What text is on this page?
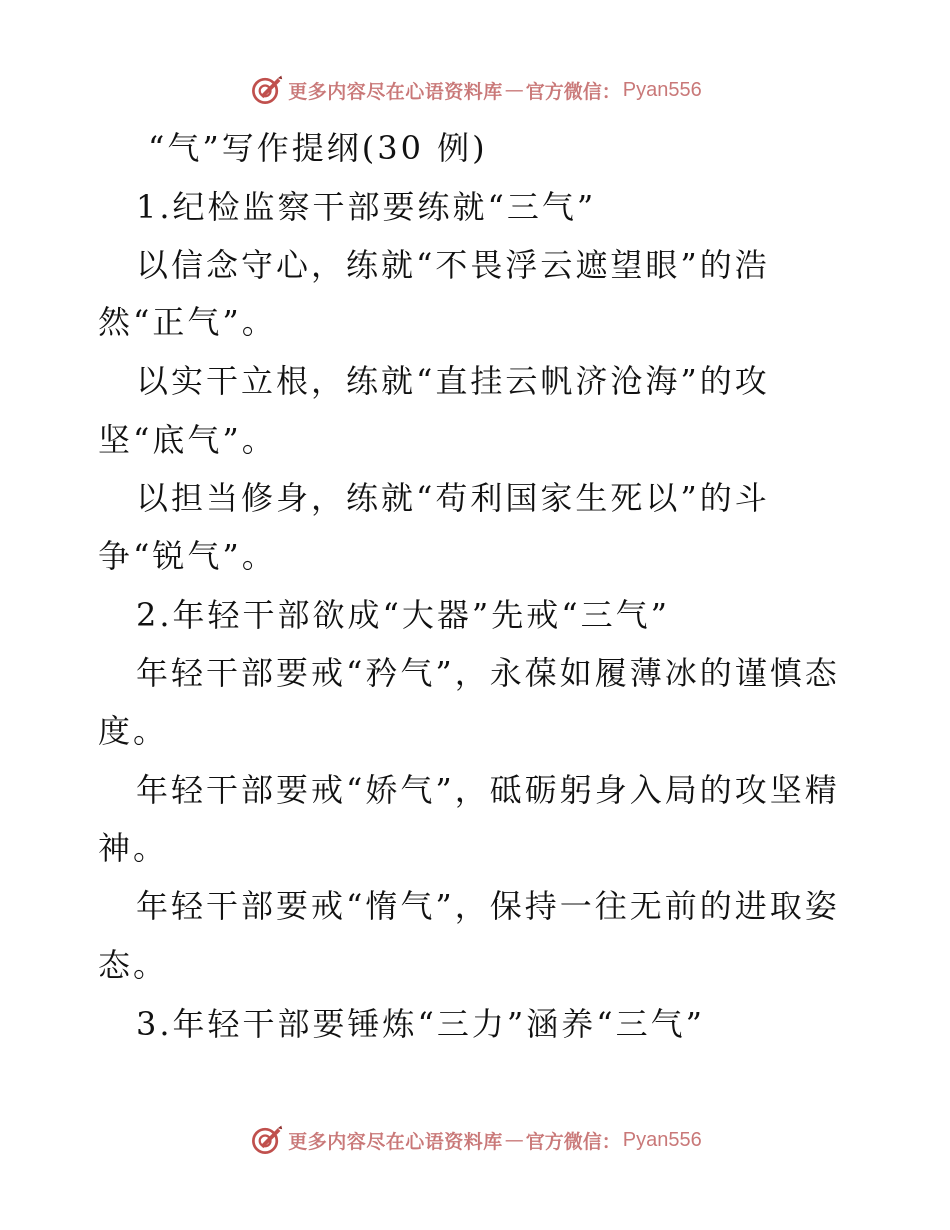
更多内容尽在心语资料库 — 官方微信： Pyan556
“气”写作提纲(30 例)
1.纪检监察干部要练就“三气”
以信念守心，练就“不畏浮云遮望眼”的浩
然“正气”。
以实干立根，练就“直挂云帆济沧海”的攻
坚“底气”。
以担当修身，练就“苟利国家生死以”的斗
争“锐气”。
2.年轻干部欲成“大器”先戒“三气”
年轻干部要戒“矜气”，永葆如履薄冰的谨慎态
度。
年轻干部要戒“娇气”，砥砺躬身入局的攻坚精
神。
年轻干部要戒“惰气”，保持一往无前的进取姿
态。
3.年轻干部要锤炼“三力”涵养“三气”
更多内容尽在心语资料库 — 官方微信： Pyan556
